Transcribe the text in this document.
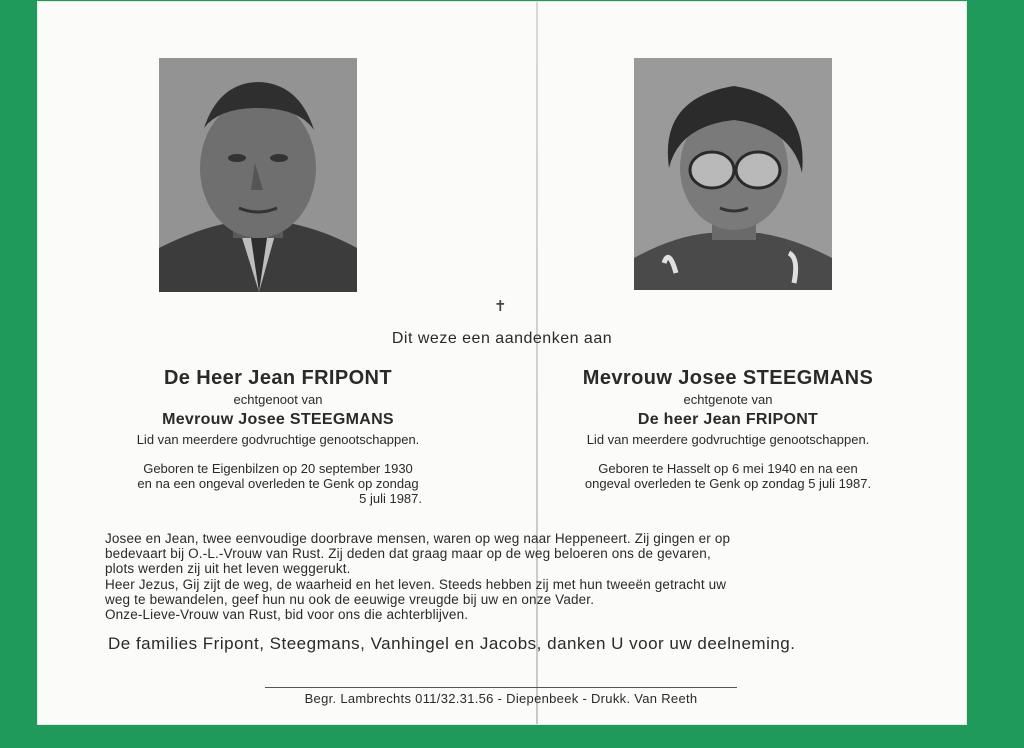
✝
Dit weze een aandenken aan
De Heer Jean FRIPONT
echtgenoot van
Mevrouw Josee STEEGMANS
Lid van meerdere godvruchtige genootschappen.
Geboren te Eigenbilzen op 20 september 1930
en na een ongeval overleden te Genk op zondag
5 juli 1987.
Mevrouw Josee STEEGMANS
echtgenote van
De heer Jean FRIPONT
Lid van meerdere godvruchtige genootschappen.
Geboren te Hasselt op 6 mei 1940 en na een
ongeval overleden te Genk op zondag 5 juli 1987.
Josee en Jean, twee eenvoudige doorbrave mensen, waren op weg naar Heppeneert. Zij gingen er op
bedevaart bij O.-L.-Vrouw van Rust. Zij deden dat graag maar op de weg beloeren ons de gevaren,
plots werden zij uit het leven weggerukt.
Heer Jezus, Gij zijt de weg, de waarheid en het leven. Steeds hebben zij met hun tweeën getracht uw
weg te bewandelen, geef hun nu ook de eeuwige vreugde bij uw en onze Vader.
Onze-Lieve-Vrouw van Rust, bid voor ons die achterblijven.
De families Fripont, Steegmans, Vanhingel en Jacobs, danken U voor uw deelneming.
Begr. Lambrechts 011/32.31.56 - Diepenbeek - Drukk. Van Reeth
